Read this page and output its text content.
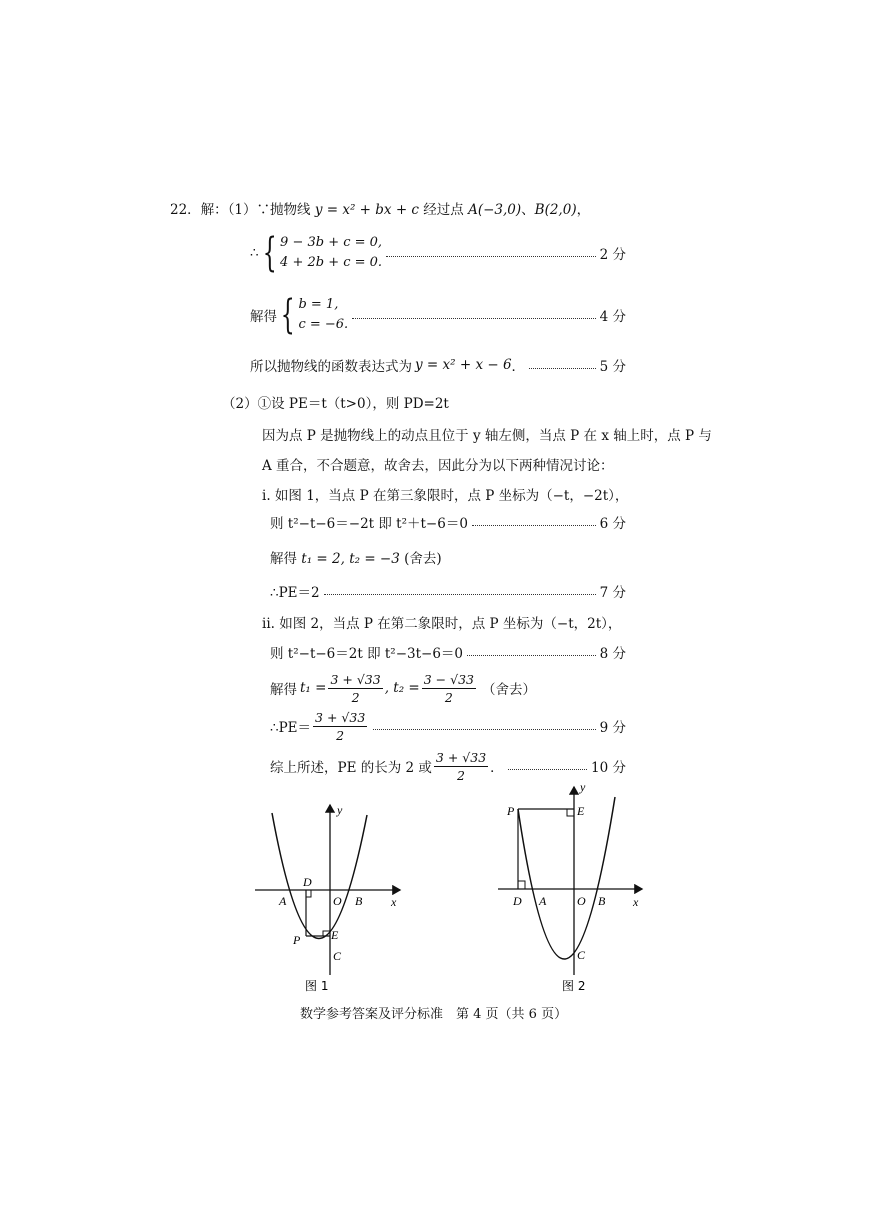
22．解：（1）∵抛物线 y = x² + bx + c 经过点 A(−3,0)、B(2,0)，
∴ { 9 − 3b + c = 0,
4 + 2b + c = 0.	2 分
解得 { b = 1,
c = −6.	4 分
所以抛物线的函数表达式为 y = x² + x − 6 ．	5 分
（2）①设 PE＝t（t>0），则 PD=2t
因为点 P 是抛物线上的动点且位于 y 轴左侧，当点 P 在 x 轴上时，点 P 与
A 重合，不合题意，故舍去，因此分为以下两种情况讨论：
i. 如图 1，当点 P 在第三象限时，点 P 坐标为（−t，−2t），
则 t²−t−6＝−2t 即 t²＋t−6＝0	6 分
解得 t₁ = 2, t₂ = −3 (舍去)
∴PE＝2	7 分
ii. 如图 2，当点 P 在第二象限时，点 P 坐标为（−t，2t），
则 t²−t−6＝2t 即 t²−3t−6＝0	8 分
解得 $t_1 = \frac{3 + √33}{2}$ , $t_2 = \frac{3 - √33}{2}$ （舍去）
∴PE＝ $\frac{3 + √33}{2}$	9 分
综上所述，PE 的长为 2 或 $\frac{3 + √33}{2}$ ．	10 分
y
x
D
A	O B
P	E
C
图 1
y
x
P	E
D A	O B
C
图 2
数学参考答案及评分标准　第 4 页（共 6 页）
